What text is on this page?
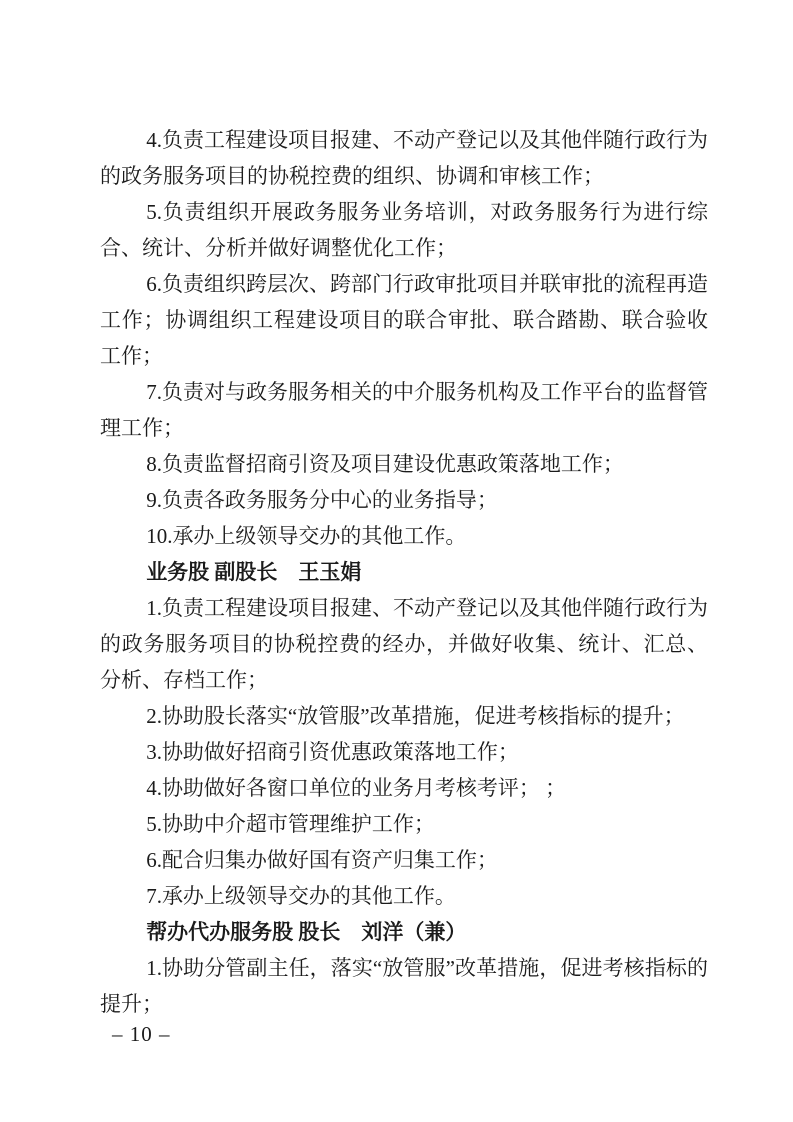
4.负责工程建设项目报建、不动产登记以及其他伴随行政行为的政务服务项目的协税控费的组织、协调和审核工作；

5.负责组织开展政务服务业务培训，对政务服务行为进行综合、统计、分析并做好调整优化工作；

6.负责组织跨层次、跨部门行政审批项目并联审批的流程再造工作；协调组织工程建设项目的联合审批、联合踏勘、联合验收工作；

7.负责对与政务服务相关的中介服务机构及工作平台的监督管理工作；

8.负责监督招商引资及项目建设优惠政策落地工作；

9.负责各政务服务分中心的业务指导；

10.承办上级领导交办的其他工作。

业务股 副股长　王玉娟

1.负责工程建设项目报建、不动产登记以及其他伴随行政行为的政务服务项目的协税控费的经办，并做好收集、统计、汇总、分析、存档工作；

2.协助股长落实“放管服”改革措施，促进考核指标的提升；

3.协助做好招商引资优惠政策落地工作；

4.协助做好各窗口单位的业务月考核考评； ；

5.协助中介超市管理维护工作；

6.配合归集办做好国有资产归集工作；

7.承办上级领导交办的其他工作。

帮办代办服务股 股长　刘洋（兼）

1.协助分管副主任，落实“放管服”改革措施，促进考核指标的提升；

– 10 –
